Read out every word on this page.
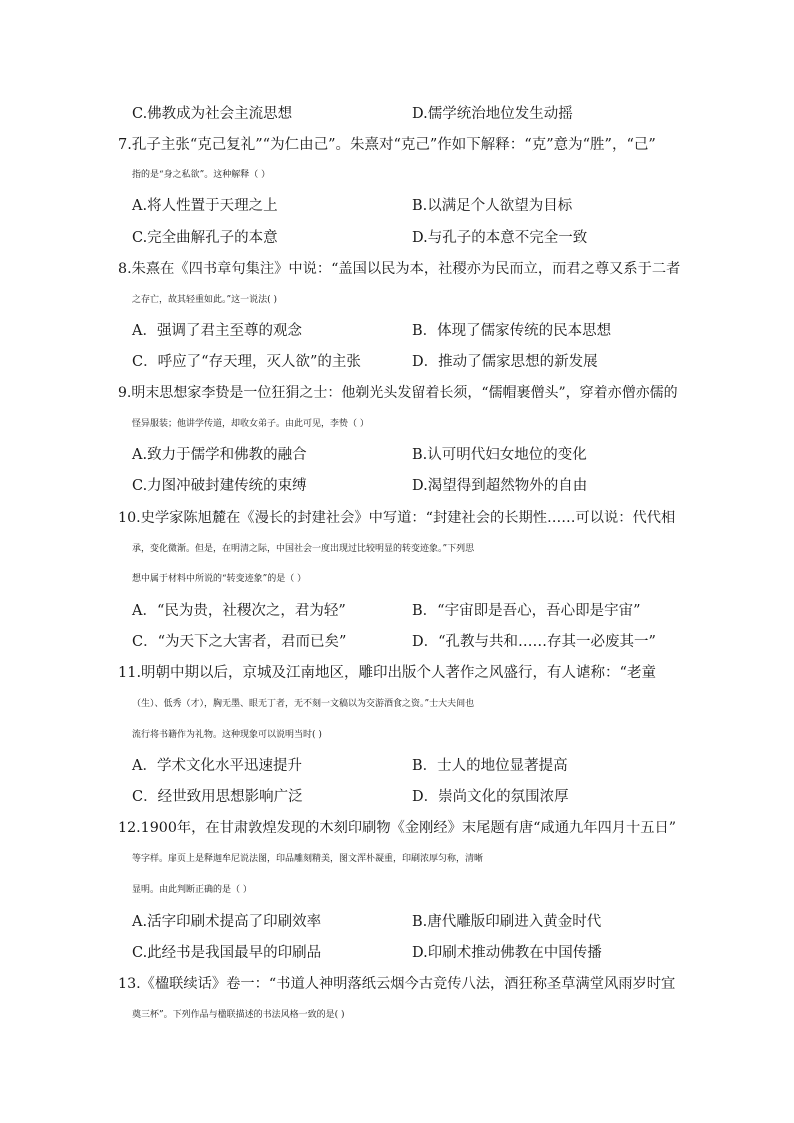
C.佛教成为社会主流思想	D.儒学统治地位发生动摇
7.孔子主张“克己复礼”“为仁由己”。朱熹对“克己”作如下解释：“克”意为“胜”，“己”
指的是“身之私欲”。这种解释（ ）
A.将人性置于天理之上	B.以满足个人欲望为目标
C.完全曲解孔子的本意	D.与孔子的本意不完全一致
8.朱熹在《四书章句集注》中说：“盖国以民为本，社稷亦为民而立，而君之尊又系于二者
之存亡，故其轻重如此。”这一说法( )
A．强调了君主至尊的观念	B．体现了儒家传统的民本思想
C．呼应了“存天理，灭人欲”的主张	D．推动了儒家思想的新发展
9.明末思想家李贽是一位狂狷之士：他剃光头发留着长须，“儒帽裹僧头”，穿着亦僧亦儒的
怪异服装；他讲学传道，却收女弟子。由此可见，李贽（ ）
A.致力于儒学和佛教的融合	B.认可明代妇女地位的变化
C.力图冲破封建传统的束缚	D.渴望得到超然物外的自由
10.史学家陈旭麓在《漫长的封建社会》中写道：“封建社会的长期性……可以说：代代相
承，变化微渐。但是，在明清之际，中国社会一度出现过比较明显的转变迹象。”下列思
想中属于材料中所说的“转变迹象”的是（ ）
A．“民为贵，社稷次之，君为轻”	B．“宇宙即是吾心，吾心即是宇宙”
C．“为天下之大害者，君而已矣”	D．“孔教与共和……存其一必废其一”
11.明朝中期以后，京城及江南地区，雕印出版个人著作之风盛行，有人谑称：“老童
（生）、低秀（才），胸无墨、眼无丁者，无不刻一文稿以为交游酒食之资。”士大夫间也
流行将书籍作为礼物。这种现象可以说明当时( )
A．学术文化水平迅速提升	B．士人的地位显著提高
C．经世致用思想影响广泛	D．崇尚文化的氛围浓厚
12.1900年，在甘肃敦煌发现的木刻印刷物《金刚经》末尾题有唐“咸通九年四月十五日”
等字样。扉页上是释迦牟尼说法图，印品雕刻精美，图文浑朴凝重，印刷浓厚匀称，清晰
显明。由此判断正确的是（ ）
A.活字印刷术提高了印刷效率	B.唐代雕版印刷进入黄金时代
C.此经书是我国最早的印刷品	D.印刷术推动佛教在中国传播
13.《楹联续话》卷一：“书道人神明落纸云烟今古竞传八法，酒狂称圣草满堂风雨岁时宜
奠三杯”。下列作品与楹联描述的书法风格一致的是( )
